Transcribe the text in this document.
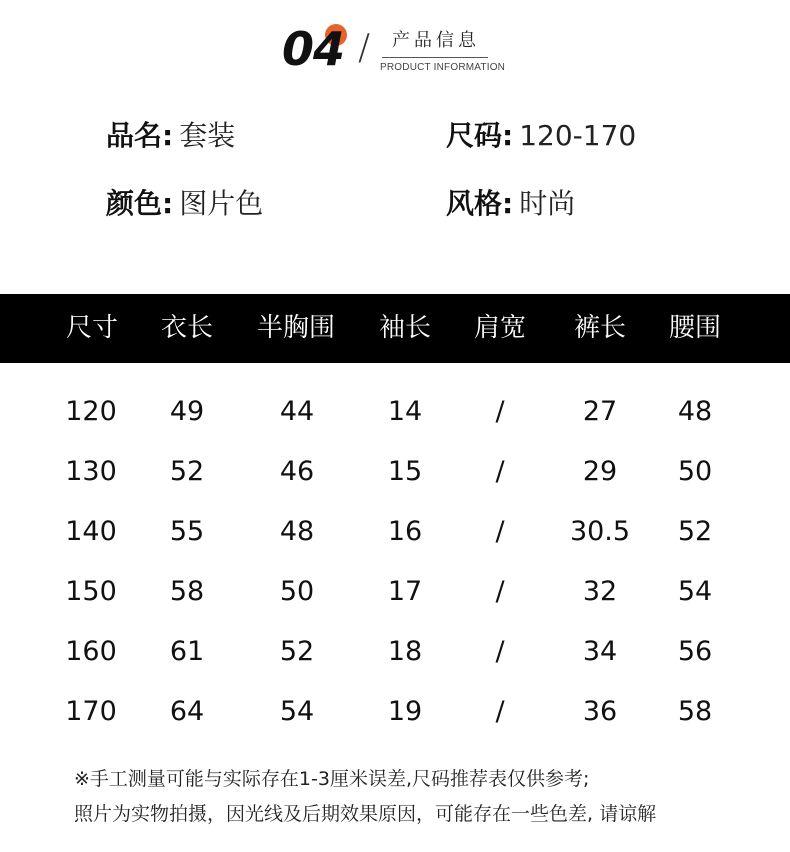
04 / 产品信息
PRODUCT INFORMATION
品名: 套装	尺码: 120-170
颜色: 图片色	风格: 时尚
尺寸 衣长 半胸围 袖长 肩宽 裤长 腰围
120 49	44	14	/	27 48
130 52	46	15	/	29 50
140 55	48	16	/ 30.5 52
150 58	50	17	/	32 54
160 61	52	18	/	34 56
170 64	54	19	/	36 58
※手工测量可能与实际存在1-3厘米误差,尺码推荐表仅供参考;
照片为实物拍摄，因光线及后期效果原因，可能存在一些色差, 请谅解
